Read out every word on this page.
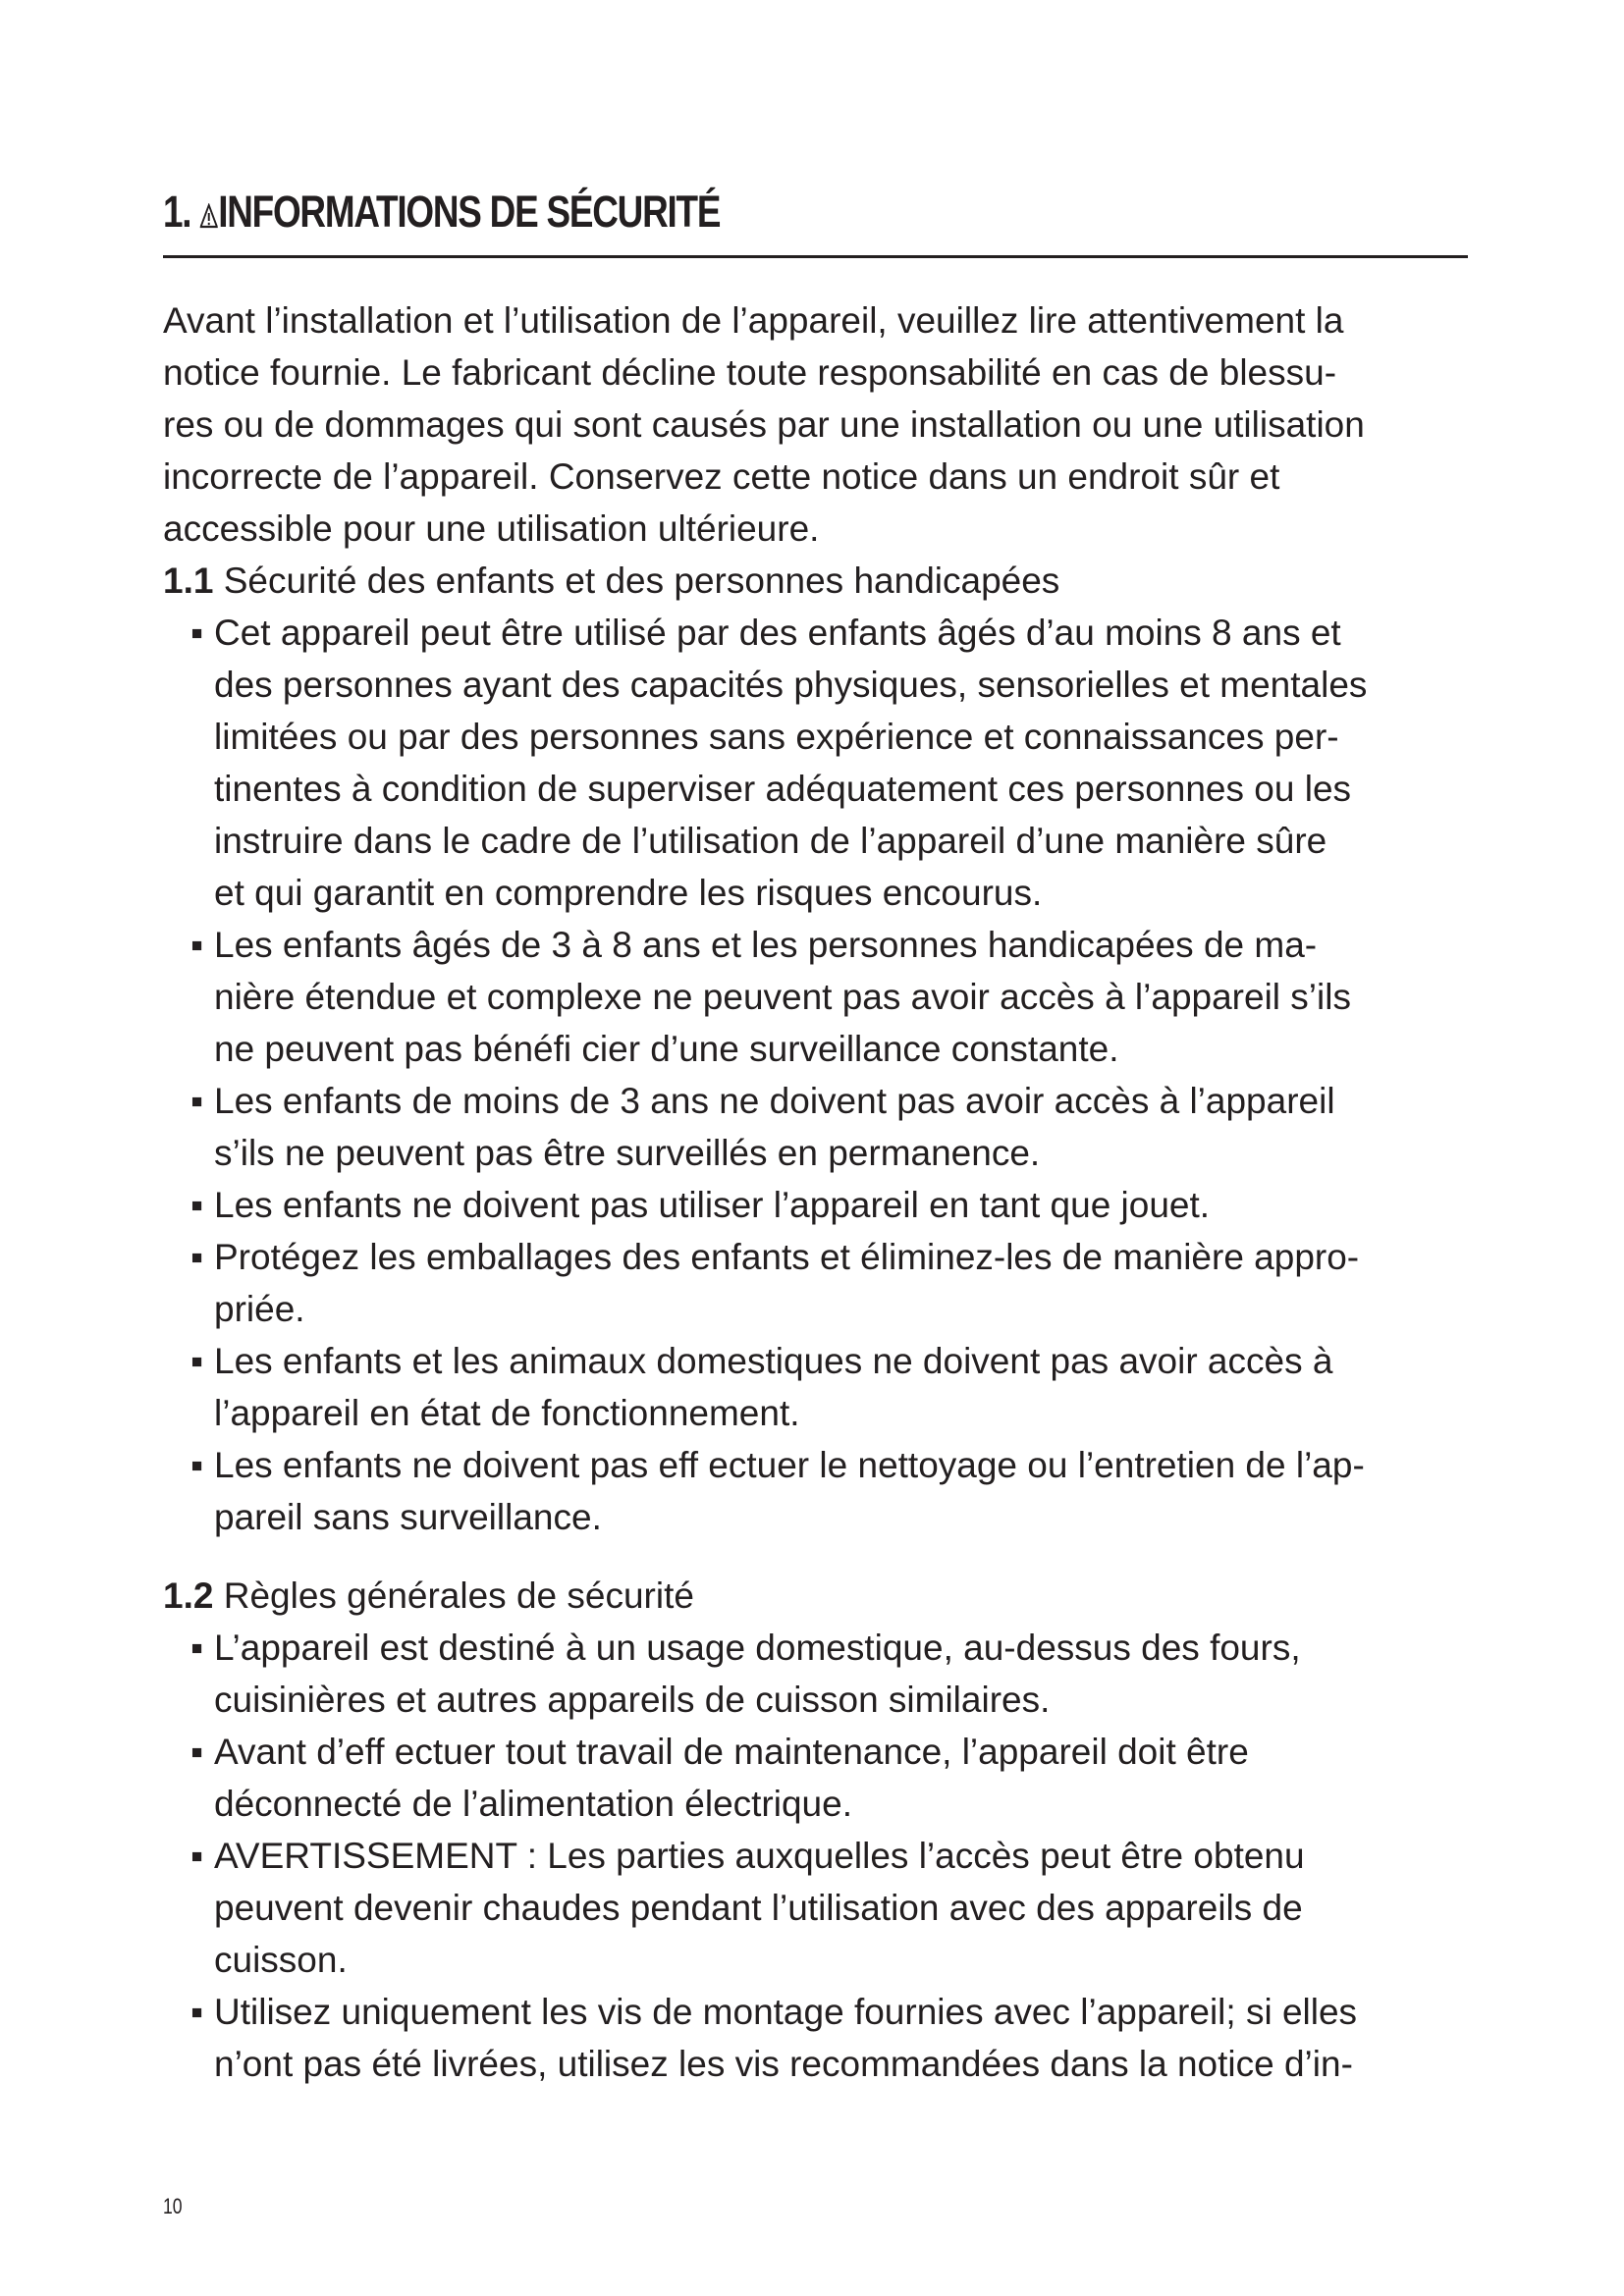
1. INFORMATIONS DE SÉCURITÉ

Avant l’installation et l’utilisation de l’appareil, veuillez lire attentivement la
notice fournie. Le fabricant décline toute responsabilité en cas de blessu-
res ou de dommages qui sont causés par une installation ou une utilisation
incorrecte de l’appareil. Conservez cette notice dans un endroit sûr et
accessible pour une utilisation ultérieure.

1.1 Sécurité des enfants et des personnes handicapées

▪ Cet appareil peut être utilisé par des enfants âgés d’au moins 8 ans et
des personnes ayant des capacités physiques, sensorielles et mentales
limitées ou par des personnes sans expérience et connaissances per-
tinentes à condition de superviser adéquatement ces personnes ou les
instruire dans le cadre de l’utilisation de l’appareil d’une manière sûre
et qui garantit en comprendre les risques encourus.
▪ Les enfants âgés de 3 à 8 ans et les personnes handicapées de ma-
nière étendue et complexe ne peuvent pas avoir accès à l’appareil s’ils
ne peuvent pas bénéfi cier d’une surveillance constante.
▪ Les enfants de moins de 3 ans ne doivent pas avoir accès à l’appareil
s’ils ne peuvent pas être surveillés en permanence.
▪ Les enfants ne doivent pas utiliser l’appareil en tant que jouet.
▪ Protégez les emballages des enfants et éliminez-les de manière appro-
priée.
▪ Les enfants et les animaux domestiques ne doivent pas avoir accès à
l’appareil en état de fonctionnement.
▪ Les enfants ne doivent pas eff ectuer le nettoyage ou l’entretien de l’ap-
pareil sans surveillance.

1.2 Règles générales de sécurité

▪ L’appareil est destiné à un usage domestique, au-dessus des fours,
cuisinières et autres appareils de cuisson similaires.
▪ Avant d’eff ectuer tout travail de maintenance, l’appareil doit être
déconnecté de l’alimentation électrique.
▪ AVERTISSEMENT : Les parties auxquelles l’accès peut être obtenu
peuvent devenir chaudes pendant l’utilisation avec des appareils de
cuisson.
▪ Utilisez uniquement les vis de montage fournies avec l’appareil; si elles
n’ont pas été livrées, utilisez les vis recommandées dans la notice d’in-
10
